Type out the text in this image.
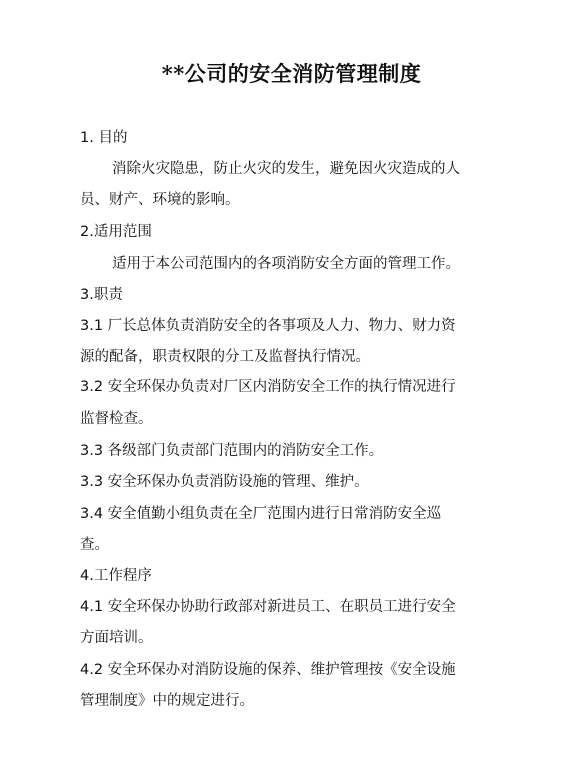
**公司的安全消防管理制度
1. 目的
消除火灾隐患，防止火灾的发生，避免因火灾造成的人
员、财产、环境的影响。
2.适用范围
适用于本公司范围内的各项消防安全方面的管理工作。
3.职责
3.1 厂长总体负责消防安全的各事项及人力、物力、财力资
源的配备，职责权限的分工及监督执行情况。
3.2 安全环保办负责对厂区内消防安全工作的执行情况进行
监督检查。
3.3 各级部门负责部门范围内的消防安全工作。
3.3 安全环保办负责消防设施的管理、维护。
3.4 安全值勤小组负责在全厂范围内进行日常消防安全巡
查。
4.工作程序
4.1 安全环保办协助行政部对新进员工、在职员工进行安全
方面培训。
4.2 安全环保办对消防设施的保养、维护管理按《安全设施
管理制度》中的规定进行。
